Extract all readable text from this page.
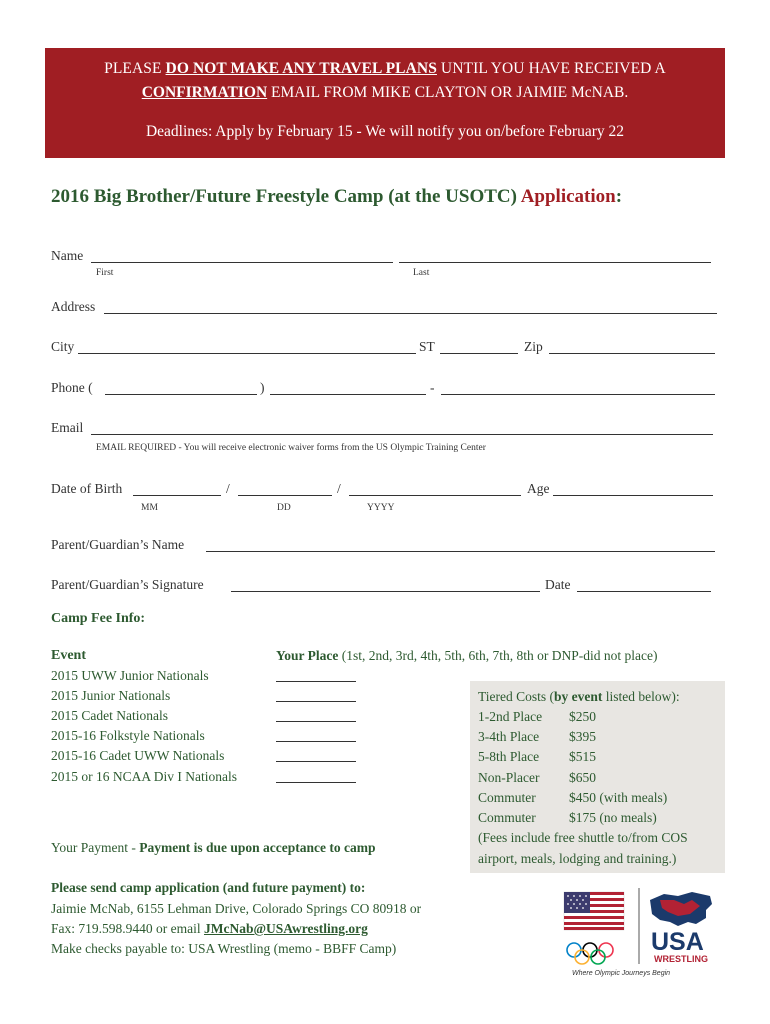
PLEASE DO NOT MAKE ANY TRAVEL PLANS UNTIL YOU HAVE RECEIVED A
CONFIRMATION EMAIL FROM MIKE CLAYTON OR JAIMIE McNAB.
Deadlines: Apply by February 15 - We will notify you on/before February 22
2016 Big Brother/Future Freestyle Camp (at the USOTC) Application:
Name
First	Last
Address
City	ST	Zip
Phone (	)	-
Email
EMAIL REQUIRED - You will receive electronic waiver forms from the US Olympic Training Center
Date of Birth	/	/	Age
MM	DD	YYYY
Parent/Guardian’s Name
Parent/Guardian’s Signature	Date
Camp Fee Info:
Event	Your Place (1st, 2nd, 3rd, 4th, 5th, 6th, 7th, 8th or DNP-did not place)
2015 UWW Junior Nationals
2015 Junior Nationals
2015 Cadet Nationals
2015-16 Folkstyle Nationals
2015-16 Cadet UWW Nationals
2015 or 16 NCAA Div I Nationals
Tiered Costs (by event listed below):
1-2nd Place $250
3-4th Place $395
5-8th Place $515
Non-Placer $650
Commuter $450 (with meals)
Commuter $175 (no meals)
(Fees include free shuttle to/from COS
airport, meals, lodging and training.)
Your Payment - Payment is due upon acceptance to camp
Please send camp application (and future payment) to:
Jaimie McNab, 6155 Lehman Drive, Colorado Springs CO 80918 or
Fax: 719.598.9440 or email JMcNab@USAwrestling.org
Make checks payable to: USA Wrestling (memo - BBFF Camp)	USA
WRESTLING
Where Olympic Journeys Begin
